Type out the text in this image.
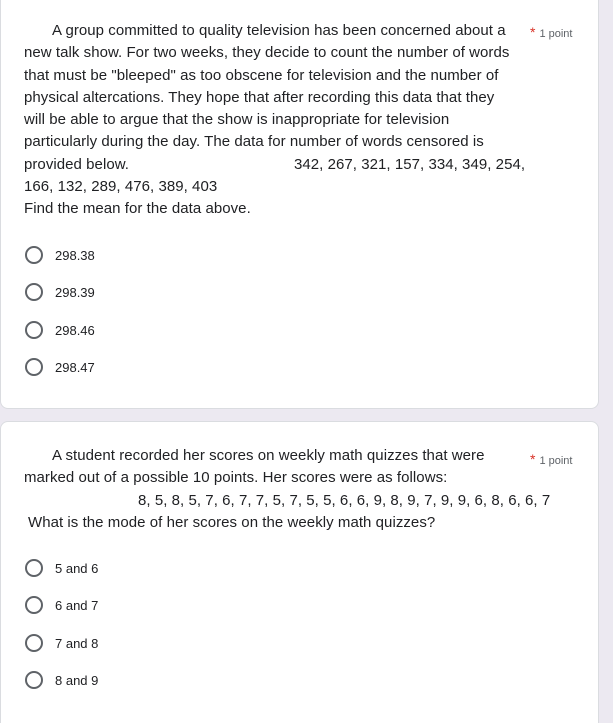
A group committed to quality television has been concerned about a
new talk show. For two weeks, they decide to count the number of words
that must be "bleeped" as too obscene for television and the number of
physical altercations. They hope that after recording this data that they
will be able to argue that the show is inappropriate for television
particularly during the day. The data for number of words censored is
provided below.	342, 267, 321, 157, 334, 349, 254,
166, 132, 289, 476, 389, 403
Find the mean for the data above.
* 1 point
298.38
298.39
298.46
298.47
A student recorded her scores on weekly math quizzes that were
marked out of a possible 10 points. Her scores were as follows:
8, 5, 8, 5, 7, 6, 7, 7, 5, 7, 5, 5, 6, 6, 9, 8, 9, 7, 9, 9, 6, 8, 6, 6, 7
What is the mode of her scores on the weekly math quizzes?
* 1 point
5 and 6
6 and 7
7 and 8
8 and 9
